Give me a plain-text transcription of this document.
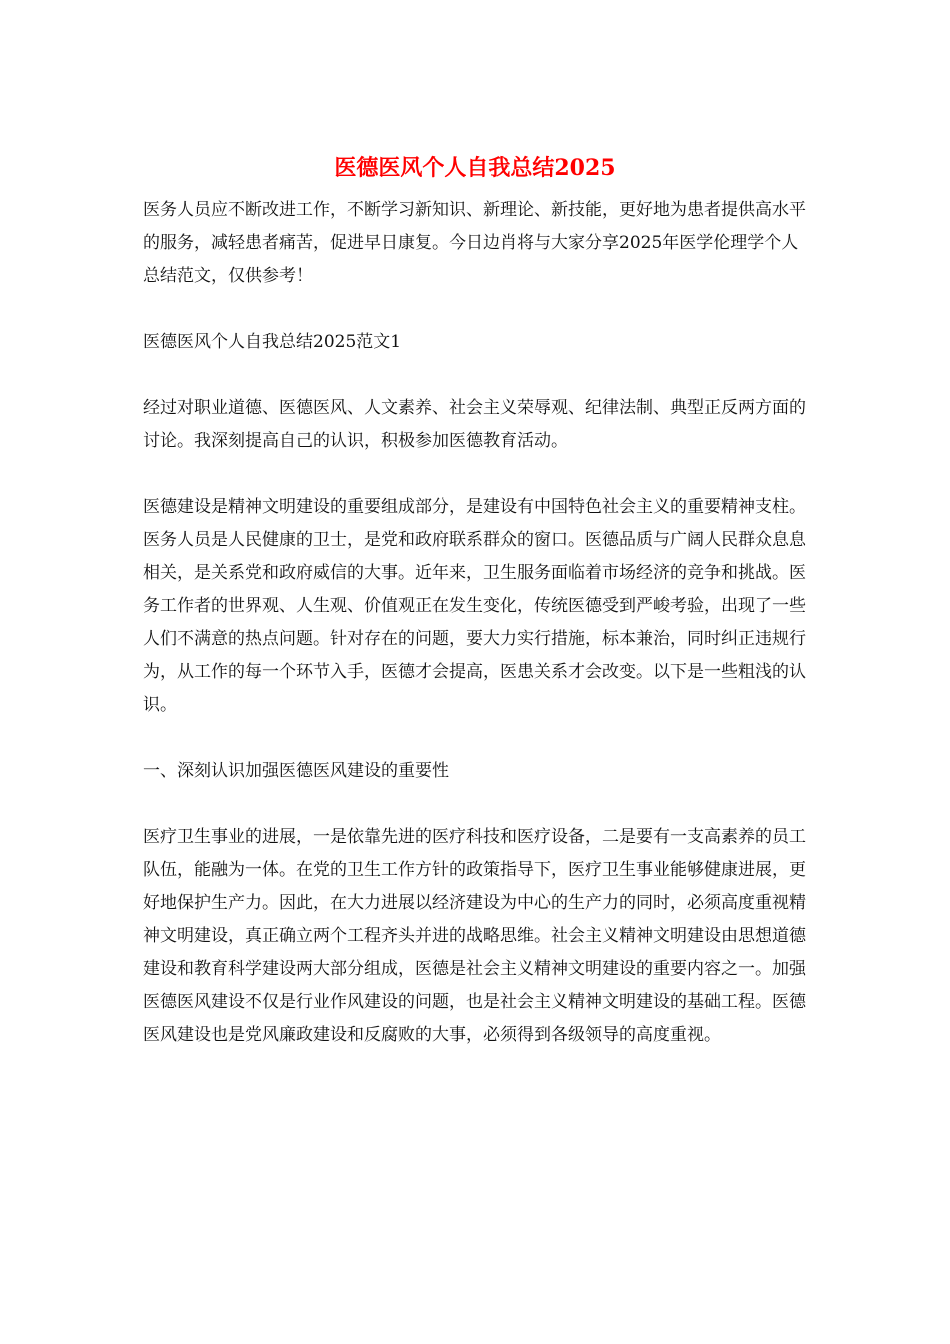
医德医风个人自我总结2025

医务人员应不断改进工作，不断学习新知识、新理论、新技能，更好地为患者提供高水平的服务，减轻患者痛苦，促进早日康复。今日边肖将与大家分享2025年医学伦理学个人总结范文，仅供参考！

医德医风个人自我总结2025范文1

经过对职业道德、医德医风、人文素养、社会主义荣辱观、纪律法制、典型正反两方面的讨论。我深刻提高自己的认识，积极参加医德教育活动。

医德建设是精神文明建设的重要组成部分，是建设有中国特色社会主义的重要精神支柱。医务人员是人民健康的卫士，是党和政府联系群众的窗口。医德品质与广阔人民群众息息相关，是关系党和政府威信的大事。近年来，卫生服务面临着市场经济的竞争和挑战。医务工作者的世界观、人生观、价值观正在发生变化，传统医德受到严峻考验，出现了一些人们不满意的热点问题。针对存在的问题，要大力实行措施，标本兼治，同时纠正违规行为，从工作的每一个环节入手，医德才会提高，医患关系才会改变。以下是一些粗浅的认识。

一、深刻认识加强医德医风建设的重要性

医疗卫生事业的进展，一是依靠先进的医疗科技和医疗设备，二是要有一支高素养的员工队伍，能融为一体。在党的卫生工作方针的政策指导下，医疗卫生事业能够健康进展，更好地保护生产力。因此，在大力进展以经济建设为中心的生产力的同时，必须高度重视精神文明建设，真正确立两个工程齐头并进的战略思维。社会主义精神文明建设由思想道德建设和教育科学建设两大部分组成，医德是社会主义精神文明建设的重要内容之一。加强医德医风建设不仅是行业作风建设的问题，也是社会主义精神文明建设的基础工程。医德医风建设也是党风廉政建设和反腐败的大事，必须得到各级领导的高度重视。
